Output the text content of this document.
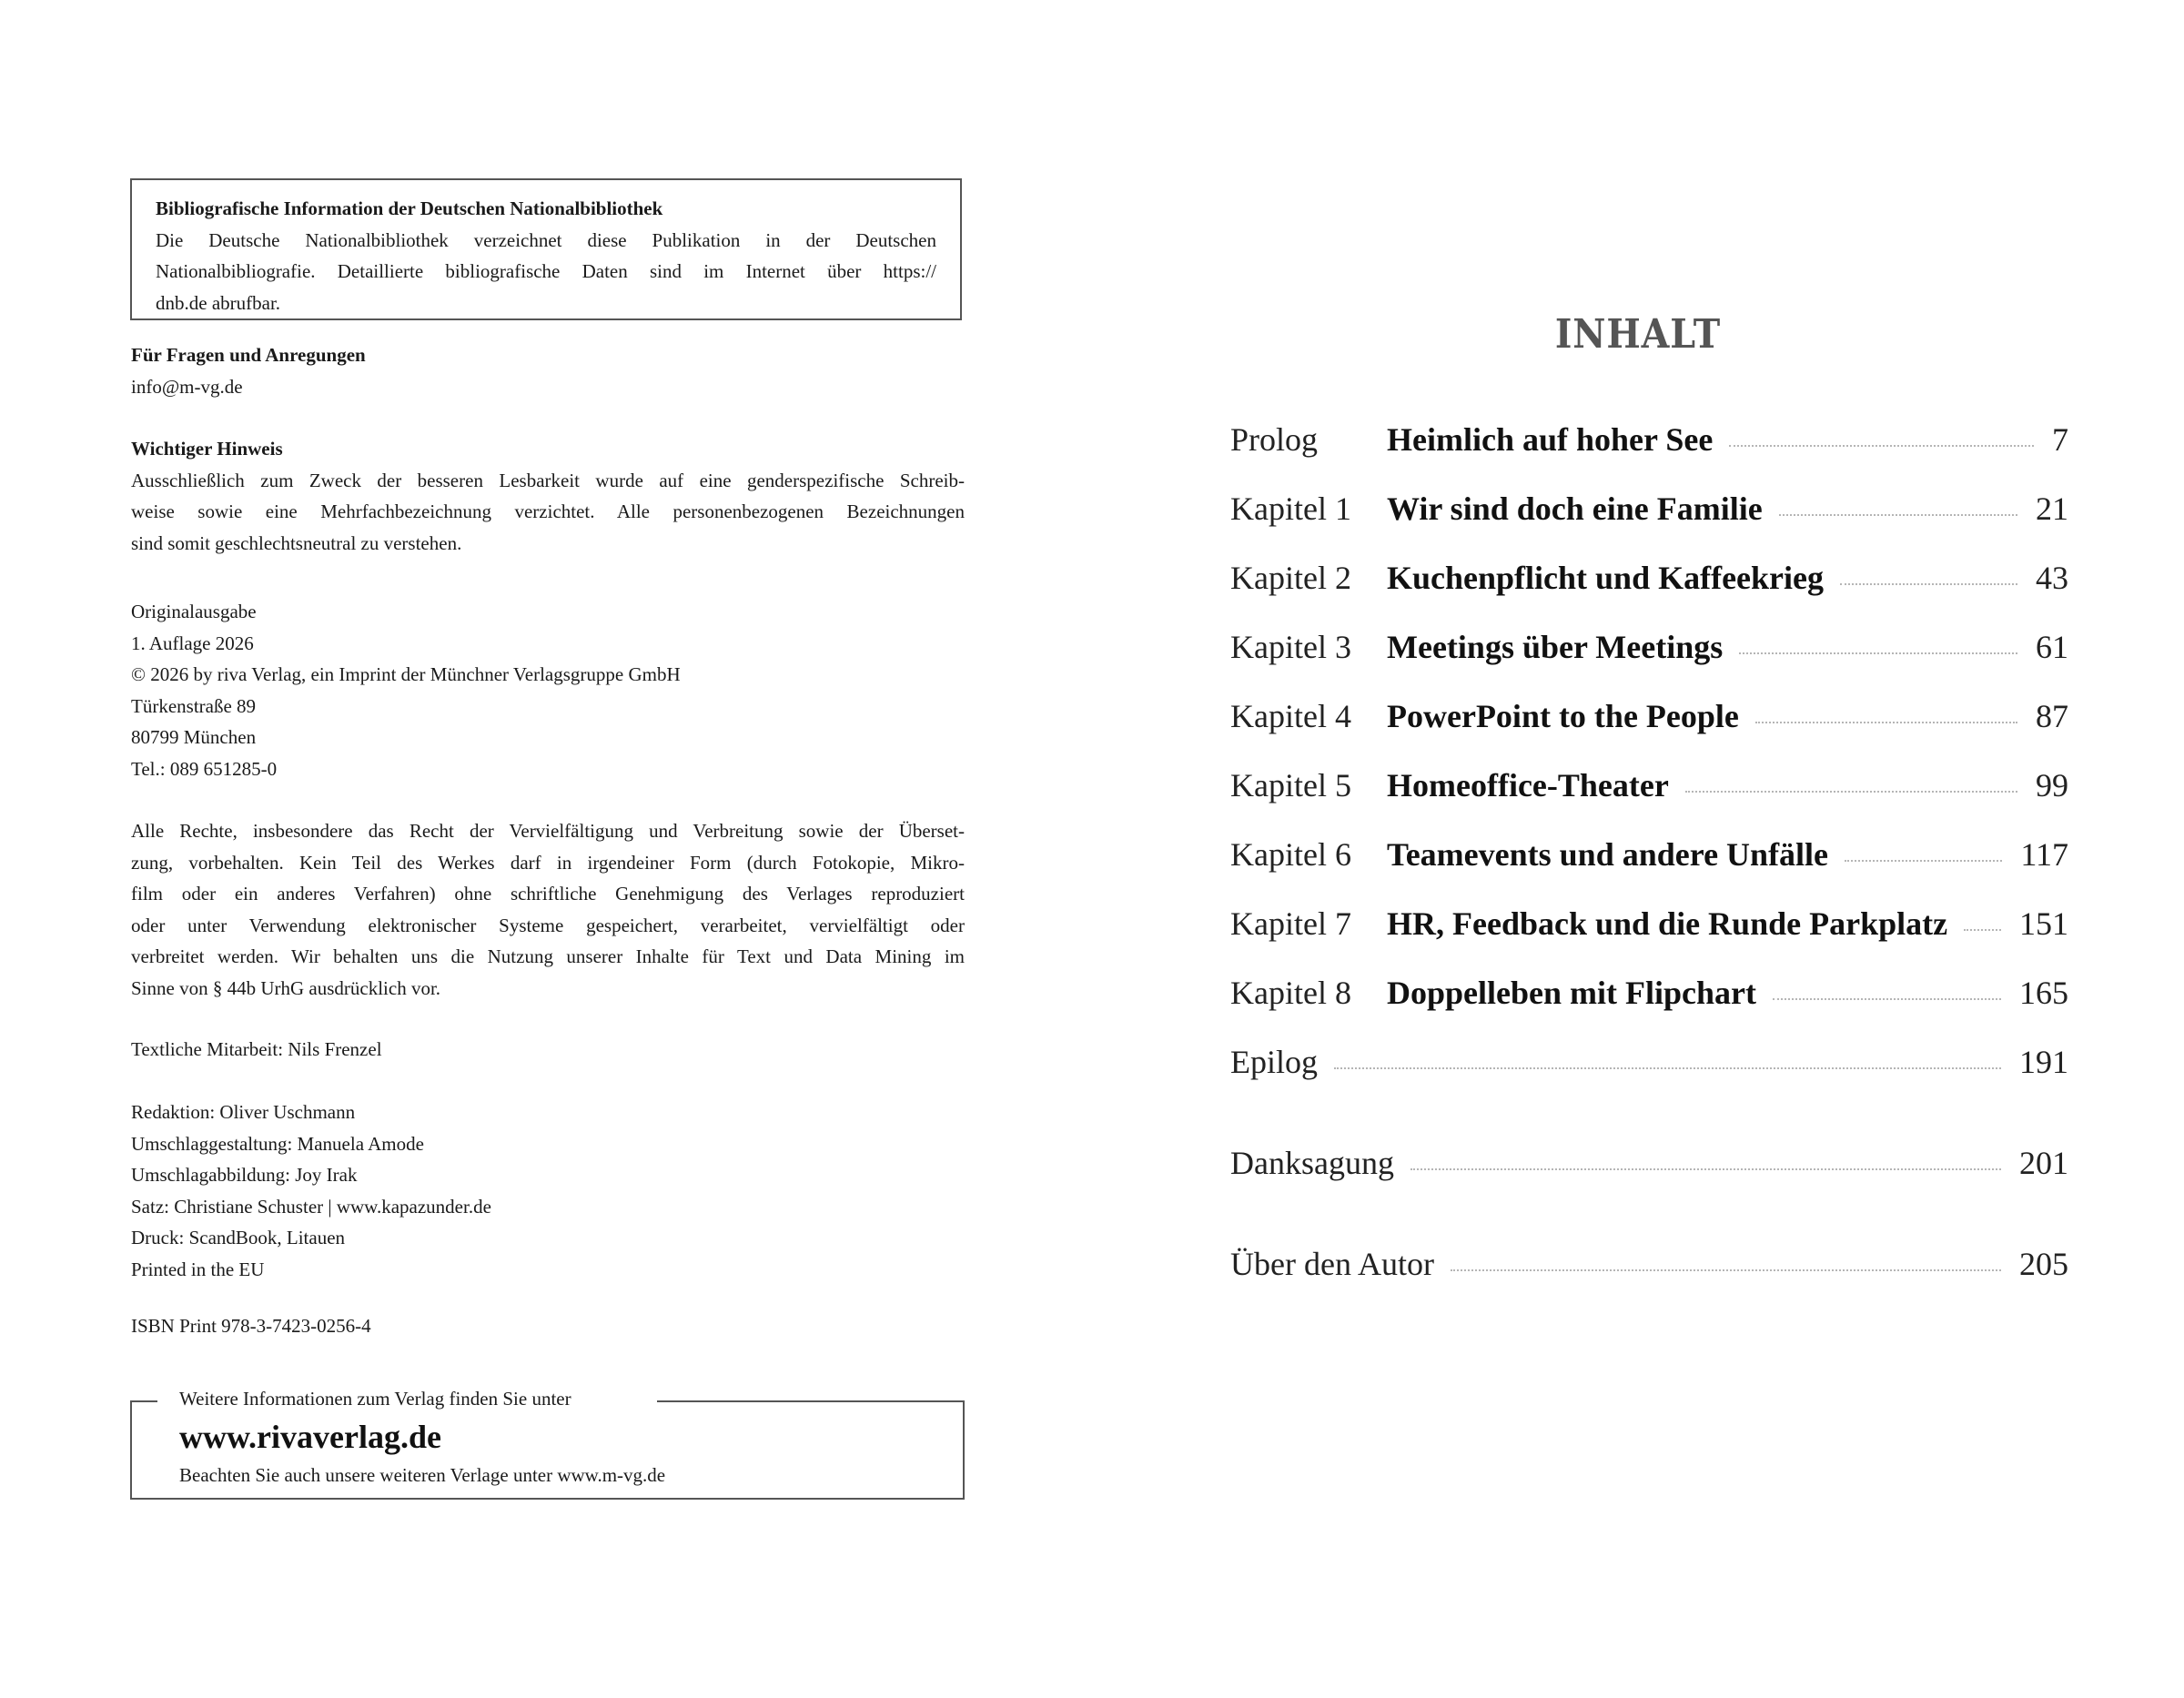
Bibliografische Information der Deutschen Nationalbibliothek
Die Deutsche Nationalbibliothek verzeichnet diese Publikation in der Deutschen
Nationalbibliografie. Detaillierte bibliografische Daten sind im Internet über https://
dnb.de abrufbar.
Für Fragen und Anregungen
info@m-vg.de
Wichtiger Hinweis
Ausschließlich zum Zweck der besseren Lesbarkeit wurde auf eine genderspezifische Schreib-
weise sowie eine Mehrfachbezeichnung verzichtet. Alle personenbezogenen Bezeichnungen
sind somit geschlechtsneutral zu verstehen.
Originalausgabe
1. Auflage 2026
© 2026 by riva Verlag, ein Imprint der Münchner Verlagsgruppe GmbH
Türkenstraße 89
80799 München
Tel.: 089 651285-0
Alle Rechte, insbesondere das Recht der Vervielfältigung und Verbreitung sowie der Überset-
zung, vorbehalten. Kein Teil des Werkes darf in irgendeiner Form (durch Fotokopie, Mikro-
film oder ein anderes Verfahren) ohne schriftliche Genehmigung des Verlages reproduziert
oder unter Verwendung elektronischer Systeme gespeichert, verarbeitet, vervielfältigt oder
verbreitet werden. Wir behalten uns die Nutzung unserer Inhalte für Text und Data Mining im
Sinne von § 44b UrhG ausdrücklich vor.
Textliche Mitarbeit: Nils Frenzel
Redaktion: Oliver Uschmann
Umschlaggestaltung: Manuela Amode
Umschlagabbildung: Joy Irak
Satz: Christiane Schuster | www.kapazunder.de
Druck: ScandBook, Litauen
Printed in the EU
ISBN Print 978-3-7423-0256-4
Weitere Informationen zum Verlag finden Sie unter
www.rivaverlag.de
Beachten Sie auch unsere weiteren Verlage unter www.m-vg.de
INHALT
Prolog	Heimlich auf hoher See	7
Kapitel 1	Wir sind doch eine Familie	21
Kapitel 2	Kuchenpflicht und Kaffeekrieg	43
Kapitel 3	Meetings über Meetings	61
Kapitel 4	PowerPoint to the People	87
Kapitel 5	Homeoffice-Theater	99
Kapitel 6	Teamevents und andere Unfälle	117
Kapitel 7	HR, Feedback und die Runde Parkplatz 151
Kapitel 8	Doppelleben mit Flipchart	165
Epilog	191
Danksagung	201
Über den Autor	205
